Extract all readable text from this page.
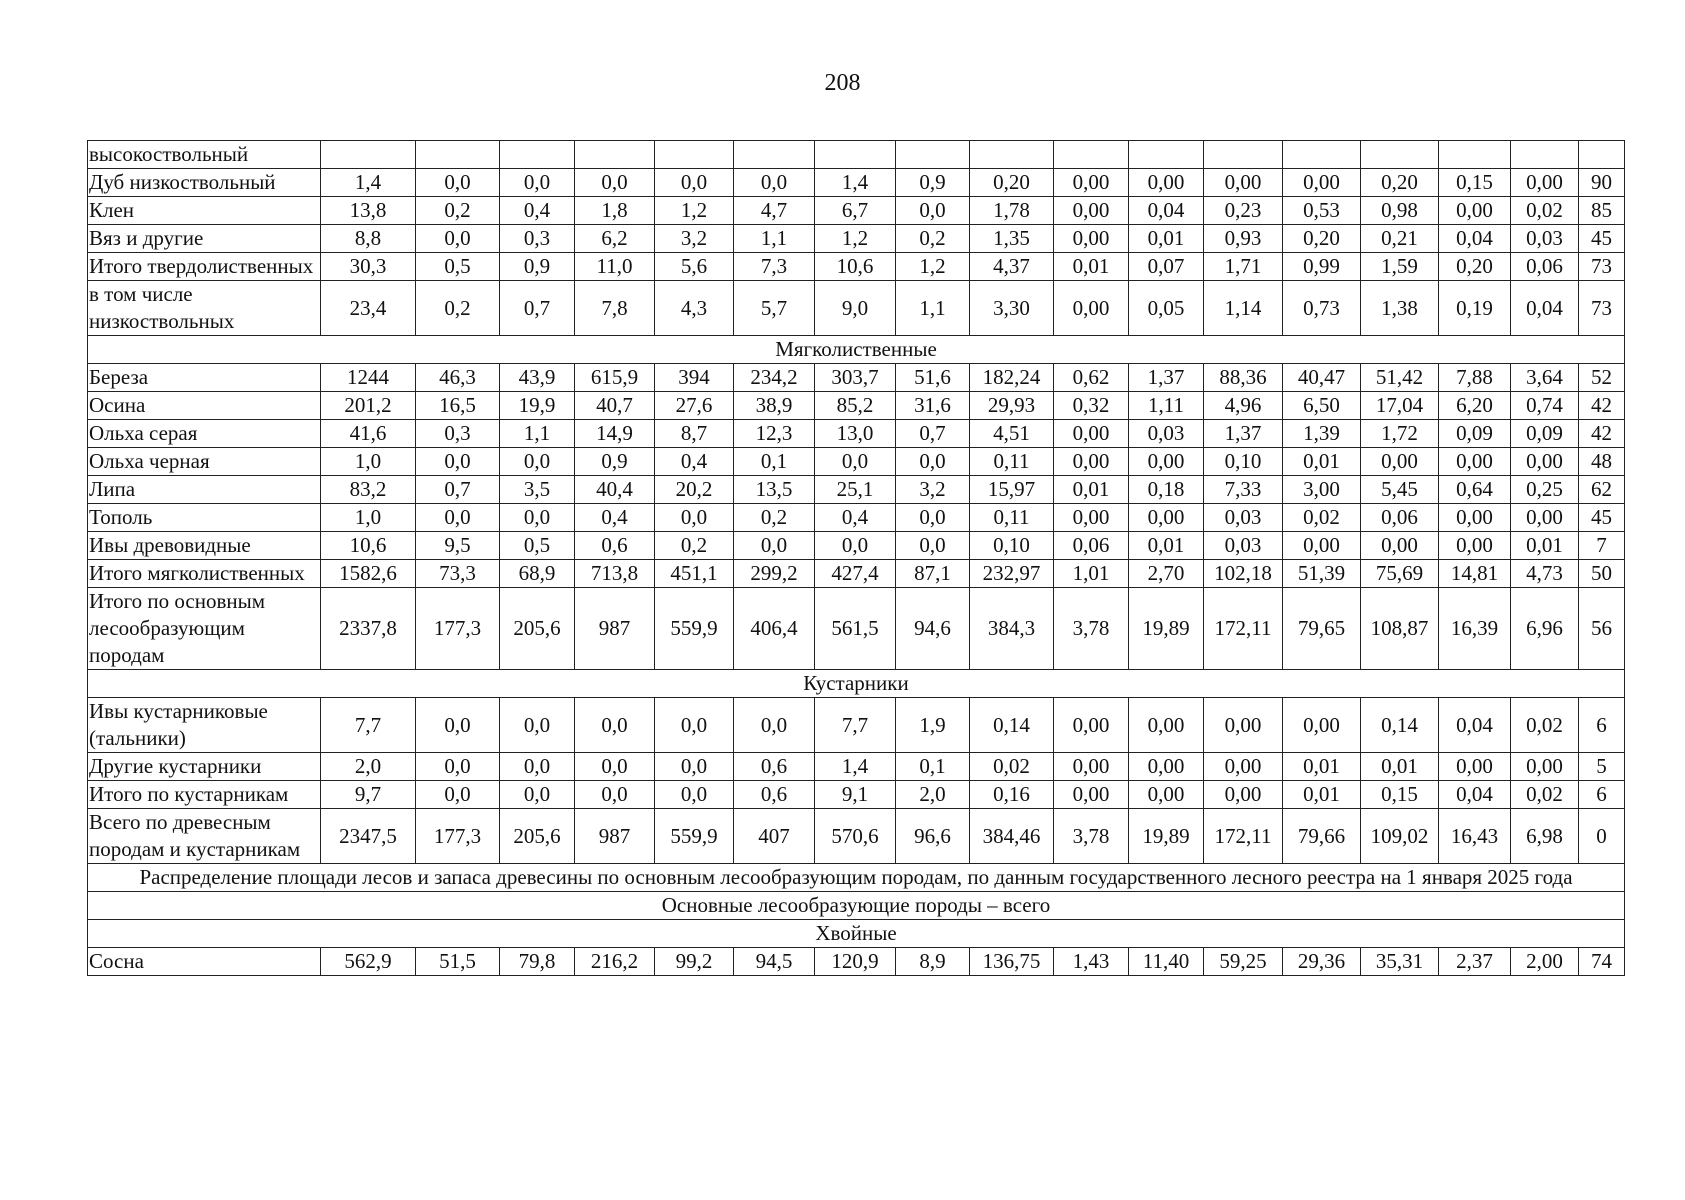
208
высокоствольный																	
Дуб низкоствольный	1,4	0,0	0,0	0,0	0,0	0,0	1,4	0,9	0,20	0,00	0,00	0,00	0,00	0,20	0,15	0,00	90
Клен	13,8	0,2	0,4	1,8	1,2	4,7	6,7	0,0	1,78	0,00	0,04	0,23	0,53	0,98	0,00	0,02	85
Вяз и другие	8,8	0,0	0,3	6,2	3,2	1,1	1,2	0,2	1,35	0,00	0,01	0,93	0,20	0,21	0,04	0,03	45
Итого твердолиственных	30,3	0,5	0,9	11,0	5,6	7,3	10,6	1,2	4,37	0,01	0,07	1,71	0,99	1,59	0,20	0,06	73
в том числе низкоствольных	23,4	0,2	0,7	7,8	4,3	5,7	9,0	1,1	3,30	0,00	0,05	1,14	0,73	1,38	0,19	0,04	73
Мягколиственные																	
Береза	1244	46,3	43,9	615,9	394	234,2	303,7	51,6	182,24	0,62	1,37	88,36	40,47	51,42	7,88	3,64	52
Осина	201,2	16,5	19,9	40,7	27,6	38,9	85,2	31,6	29,93	0,32	1,11	4,96	6,50	17,04	6,20	0,74	42
Ольха серая	41,6	0,3	1,1	14,9	8,7	12,3	13,0	0,7	4,51	0,00	0,03	1,37	1,39	1,72	0,09	0,09	42
Ольха черная	1,0	0,0	0,0	0,9	0,4	0,1	0,0	0,0	0,11	0,00	0,00	0,10	0,01	0,00	0,00	0,00	48
Липа	83,2	0,7	3,5	40,4	20,2	13,5	25,1	3,2	15,97	0,01	0,18	7,33	3,00	5,45	0,64	0,25	62
Тополь	1,0	0,0	0,0	0,4	0,0	0,2	0,4	0,0	0,11	0,00	0,00	0,03	0,02	0,06	0,00	0,00	45
Ивы древовидные	10,6	9,5	0,5	0,6	0,2	0,0	0,0	0,0	0,10	0,06	0,01	0,03	0,00	0,00	0,00	0,01	7
Итого мягколиственных	1582,6	73,3	68,9	713,8	451,1	299,2	427,4	87,1	232,97	1,01	2,70	102,18	51,39	75,69	14,81	4,73	50
Итого по основным лесообразующим породам	2337,8	177,3	205,6	987	559,9	406,4	561,5	94,6	384,3	3,78	19,89	172,11	79,65	108,87	16,39	6,96	56
Кустарники																	
Ивы кустарниковые (тальники)	7,7	0,0	0,0	0,0	0,0	0,0	7,7	1,9	0,14	0,00	0,00	0,00	0,00	0,14	0,04	0,02	6
Другие кустарники	2,0	0,0	0,0	0,0	0,0	0,6	1,4	0,1	0,02	0,00	0,00	0,00	0,01	0,01	0,00	0,00	5
Итого по кустарникам	9,7	0,0	0,0	0,0	0,0	0,6	9,1	2,0	0,16	0,00	0,00	0,00	0,01	0,15	0,04	0,02	6
Всего по древесным породам и кустарникам	2347,5	177,3	205,6	987	559,9	407	570,6	96,6	384,46	3,78	19,89	172,11	79,66	109,02	16,43	6,98	0
Распределение площади лесов и запаса древесины по основным лесообразующим породам, по данным государственного лесного реестра на 1 января 2025 года																	
Основные лесообразующие породы – всего																	
Хвойные																	
Сосна	562,9	51,5	79,8	216,2	99,2	94,5	120,9	8,9	136,75	1,43	11,40	59,25	29,36	35,31	2,37	2,00	74
